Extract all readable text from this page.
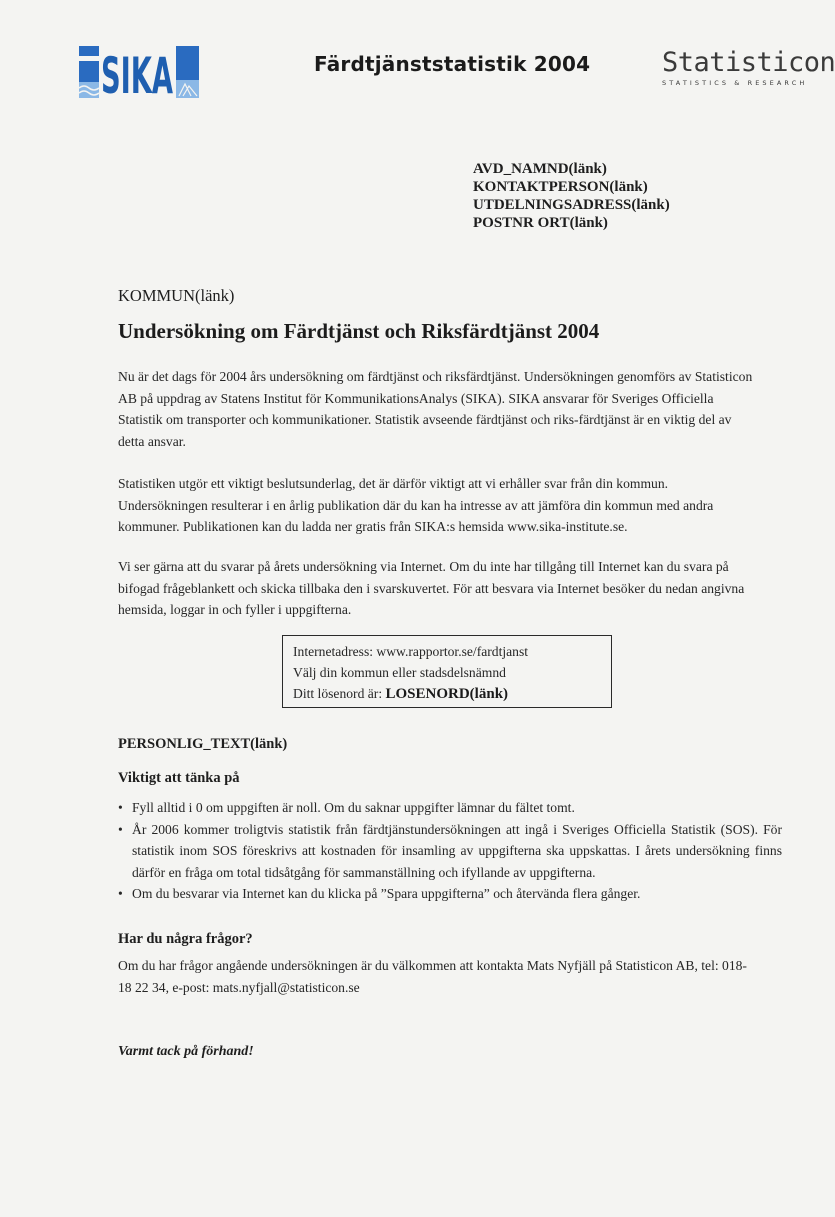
SIKA	Färdtjänststatistik 2004	Statisticon
STATISTICS & RESEARCH
AVD_NAMND(länk)
KONTAKTPERSON(länk)
UTDELNINGSADRESS(länk)
POSTNR ORT(länk)
KOMMUN(länk)
Undersökning om Färdtjänst och Riksfärdtjänst 2004
Nu är det dags för 2004 års undersökning om färdtjänst och riksfärdtjänst. Undersökningen genomförs av Statisticon AB på uppdrag av Statens Institut för KommunikationsAnalys (SIKA). SIKA ansvarar för Sveriges Officiella Statistik om transporter och kommunikationer. Statistik avseende färdtjänst och riks-färdtjänst är en viktig del av detta ansvar.
Statistiken utgör ett viktigt beslutsunderlag, det är därför viktigt att vi erhåller svar från din kommun. Undersökningen resulterar i en årlig publikation där du kan ha intresse av att jämföra din kommun med andra kommuner. Publikationen kan du ladda ner gratis från SIKA:s hemsida www.sika-institute.se.
Vi ser gärna att du svarar på årets undersökning via Internet. Om du inte har tillgång till Internet kan du svara på bifogad frågeblankett och skicka tillbaka den i svarskuvertet. För att besvara via Internet besöker du nedan angivna hemsida, loggar in och fyller i uppgifterna.
Internetadress: www.rapportor.se/fardtjanst
Välj din kommun eller stadsdelsnämnd
Ditt lösenord är: LOSENORD(länk)
PERSONLIG_TEXT(länk)
Viktigt att tänka på
• Fyll alltid i 0 om uppgiften är noll. Om du saknar uppgifter lämnar du fältet tomt.
• År 2006 kommer troligtvis statistik från färdtjänstundersökningen att ingå i Sveriges Officiella Statistik (SOS). För statistik inom SOS föreskrivs att kostnaden för insamling av uppgifterna ska uppskattas. I årets undersökning finns därför en fråga om total tidsåtgång för sammanställning och ifyllande av uppgifterna.
• Om du besvarar via Internet kan du klicka på ”Spara uppgifterna” och återvända flera gånger.
Har du några frågor?
Om du har frågor angående undersökningen är du välkommen att kontakta Mats Nyfjäll på Statisticon AB, tel: 018-18 22 34, e-post: mats.nyfjall@statisticon.se
Varmt tack på förhand!
